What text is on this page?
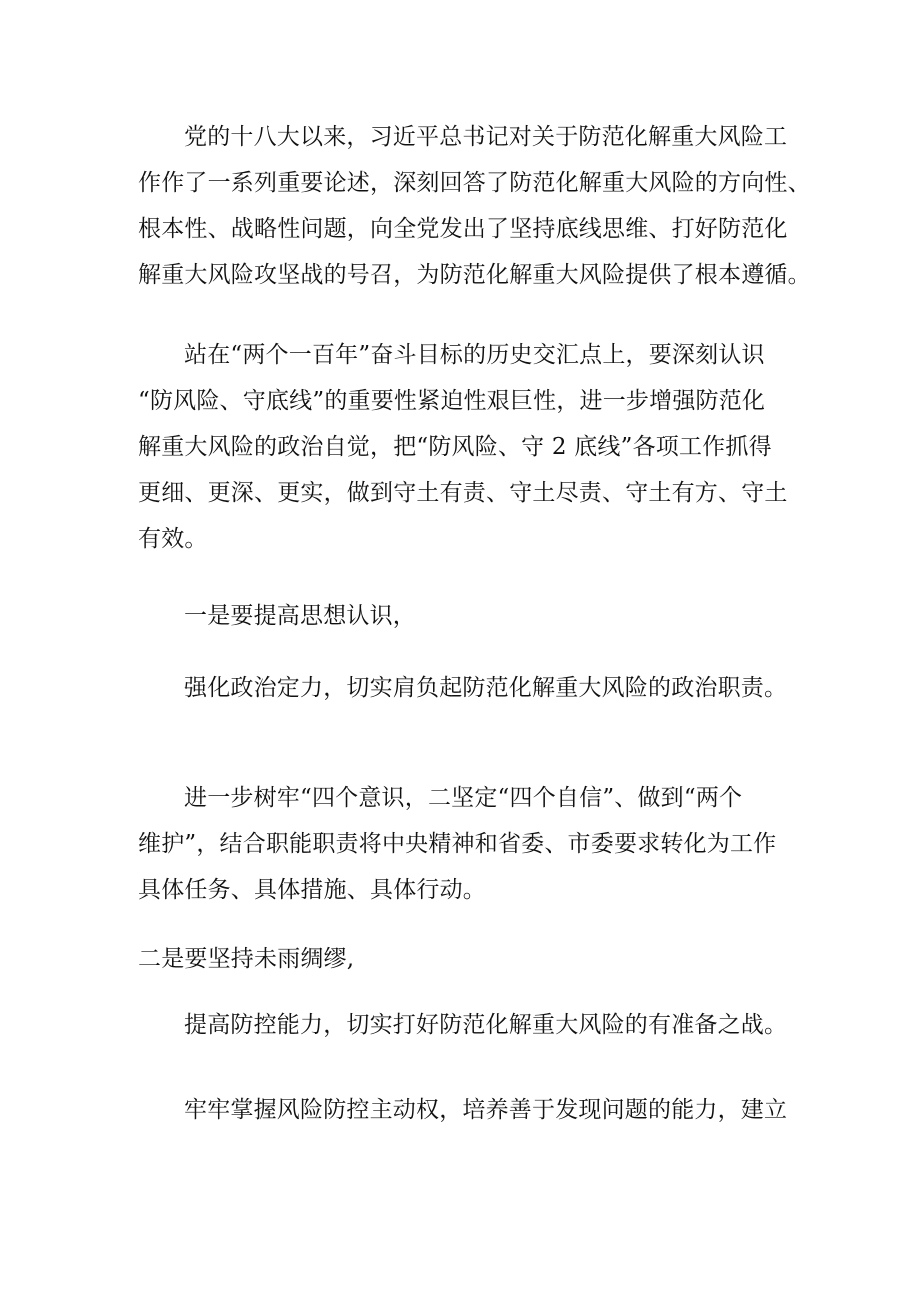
党的十八大以来，习近平总书记对关于防范化解重大风险工
作作了一系列重要论述，深刻回答了防范化解重大风险的方向性、
根本性、战略性问题，向全党发出了坚持底线思维、打好防范化
解重大风险攻坚战的号召，为防范化解重大风险提供了根本遵循。

站在“两个一百年”奋斗目标的历史交汇点上，要深刻认识
“防风险、守底线”的重要性紧迫性艰巨性，进一步增强防范化
解重大风险的政治自觉，把“防风险、守 2 底线”各项工作抓得
更细、更深、更实，做到守土有责、守土尽责、守土有方、守土
有效。

一是要提高思想认识，

强化政治定力，切实肩负起防范化解重大风险的政治职责。

进一步树牢“四个意识，二坚定“四个自信”、做到“两个
维护”，结合职能职责将中央精神和省委、市委要求转化为工作
具体任务、具体措施、具体行动。

二是要坚持未雨绸缪,

提高防控能力，切实打好防范化解重大风险的有准备之战。

牢牢掌握风险防控主动权，培养善于发现问题的能力，建立
